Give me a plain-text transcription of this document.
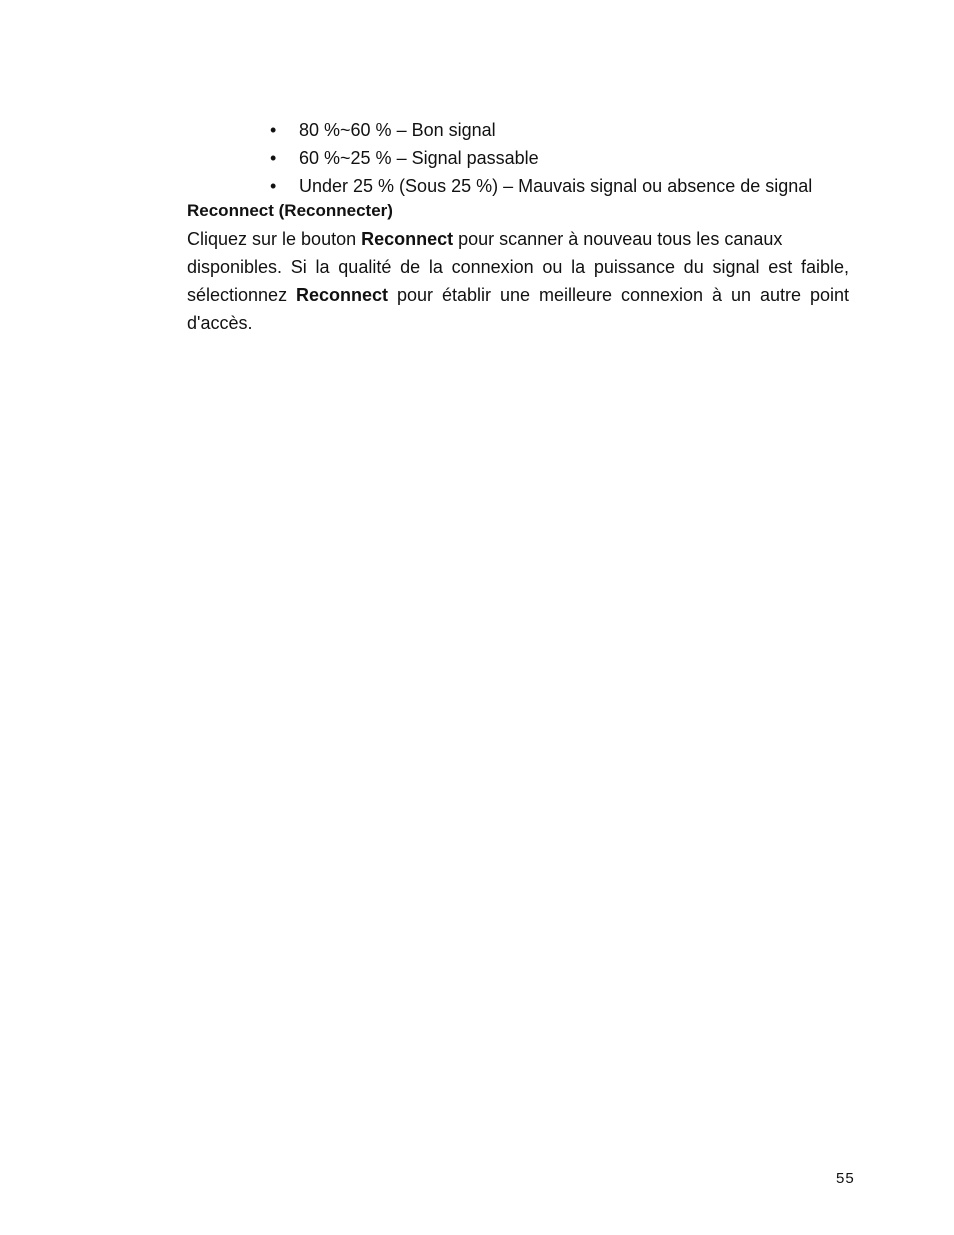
• 80 %~60 % – Bon signal
• 60 %~25 % – Signal passable
• Under 25 % (Sous 25 %) – Mauvais signal ou absence de signal
Reconnect (Reconnecter)
Cliquez sur le bouton Reconnect pour scanner à nouveau tous les canaux
disponibles. Si la qualité de la connexion ou la puissance du signal est faible,
sélectionnez Reconnect pour établir une meilleure connexion à un autre point
d'accès.
55
